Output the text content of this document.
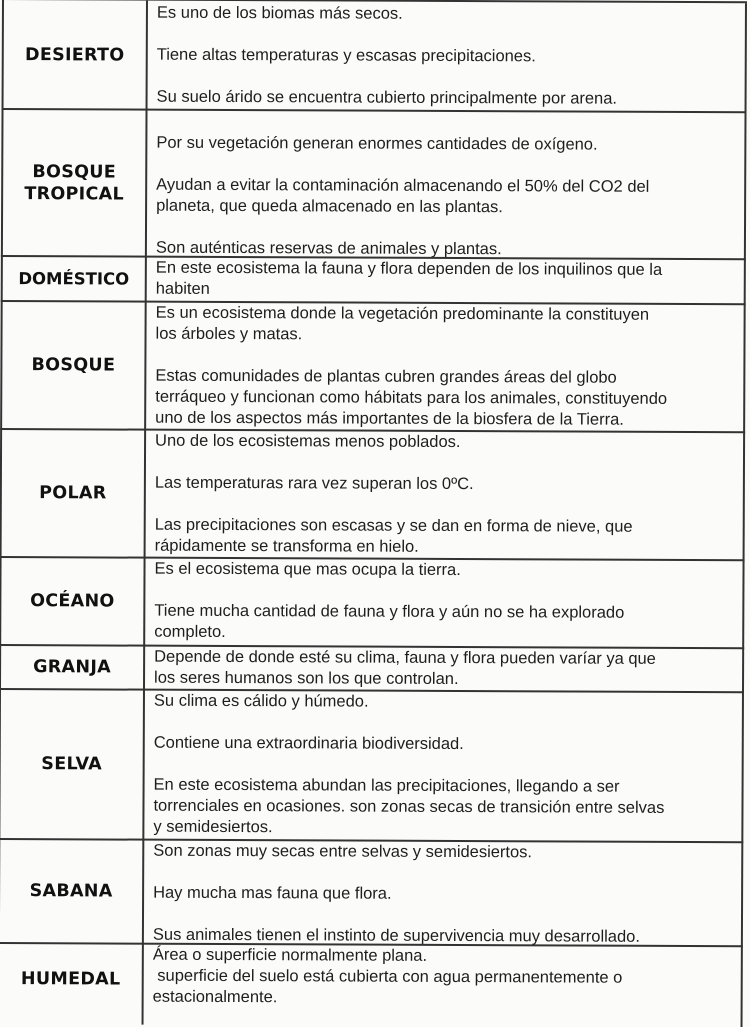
DESIERTO

Es uno de los biomas más secos.

Tiene altas temperaturas y escasas precipitaciones.

Su suelo árido se encuentra cubierto principalmente por arena.

BOSQUE
TROPICAL

Por su vegetación generan enormes cantidades de oxígeno.

Ayudan a evitar la contaminación almacenando el 50% del CO2 del

planeta, que queda almacenado en las plantas.

Son auténticas reservas de animales y plantas.

DOMÉSTICO	En este ecosistema la fauna y flora dependen de los inquilinos que la

habiten

BOSQUE

Es un ecosistema donde la vegetación predominante la constituyen

los árboles y matas.

Estas comunidades de plantas cubren grandes áreas del globo

terráqueo y funcionan como hábitats para los animales, constituyendo

uno de los aspectos más importantes de la biosfera de la Tierra.

POLAR

Uno de los ecosistemas menos poblados.

Las temperaturas rara vez superan los 0ºC.

Las precipitaciones son escasas y se dan en forma de nieve, que

rápidamente se transforma en hielo.

OCÉANO

Es el ecosistema que mas ocupa la tierra.

Tiene mucha cantidad de fauna y flora y aún no se ha explorado

completo.

GRANJA	Depende de donde esté su clima, fauna y flora pueden varíar ya que

los seres humanos son los que controlan.

SELVA

Su clima es cálido y húmedo.

Contiene una extraordinaria biodiversidad.

En este ecosistema abundan las precipitaciones, llegando a ser

torrenciales en ocasiones. son zonas secas de transición entre selvas

y semidesiertos.

SABANA

Son zonas muy secas entre selvas y semidesiertos.

Hay mucha mas fauna que flora.

Sus animales tienen el instinto de supervivencia muy desarrollado.

HUMEDAL

Área o superficie normalmente plana.

superficie del suelo está cubierta con agua permanentemente o

estacionalmente.
